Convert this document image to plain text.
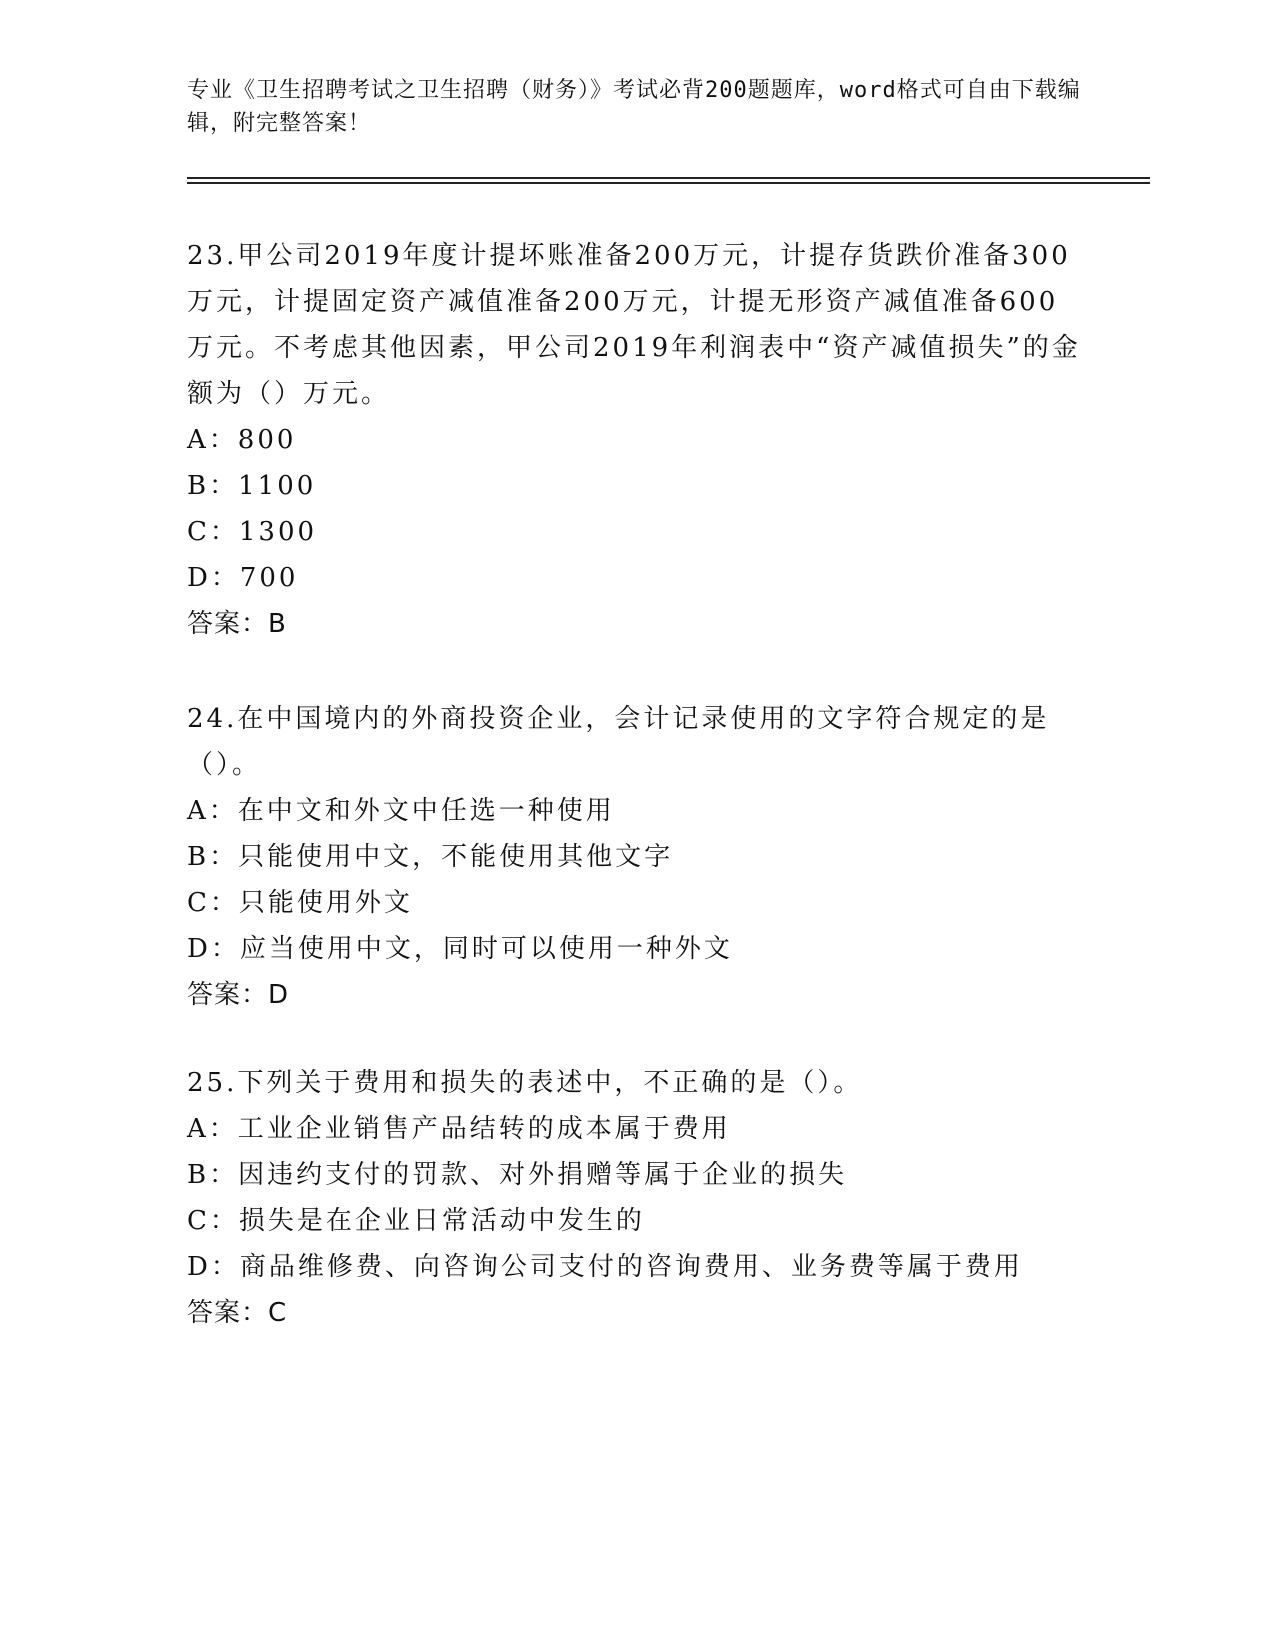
专业《卫生招聘考试之卫生招聘（财务）》考试必背200题题库，word格式可自由下载编辑，附完整答案！
23.甲公司2019年度计提坏账准备200万元，计提存货跌价准备300万元，计提固定资产减值准备200万元，计提无形资产减值准备600万元。不考虑其他因素，甲公司2019年利润表中“资产减值损失”的金额为（）万元。
A：800
B：1100
C：1300
D：700
答案：B
24.在中国境内的外商投资企业，会计记录使用的文字符合规定的是（）。
A：在中文和外文中任选一种使用
B：只能使用中文，不能使用其他文字
C：只能使用外文
D：应当使用中文，同时可以使用一种外文
答案：D
25.下列关于费用和损失的表述中，不正确的是（）。
A：工业企业销售产品结转的成本属于费用
B：因违约支付的罚款、对外捐赠等属于企业的损失
C：损失是在企业日常活动中发生的
D：商品维修费、向咨询公司支付的咨询费用、业务费等属于费用
答案：C
